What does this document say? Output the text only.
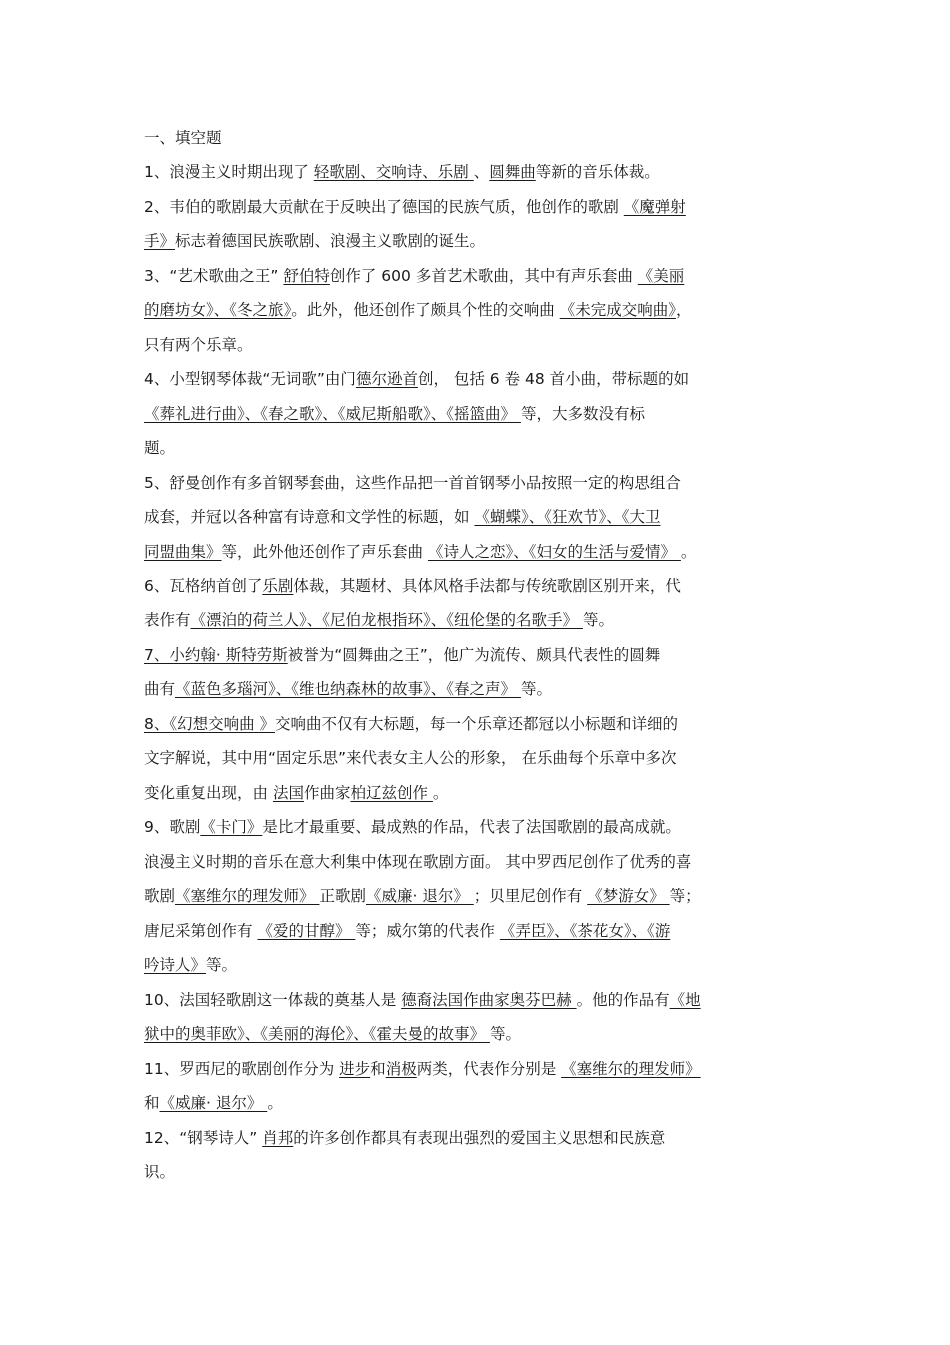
一、填空题
1、浪漫主义时期出现了 轻歌剧、交响诗、乐剧 、圆舞曲等新的音乐体裁。
2、韦伯的歌剧最大贡献在于反映出了德国的民族气质，他创作的歌剧 《魔弹射
手》标志着德国民族歌剧、浪漫主义歌剧的诞生。
3、“艺术歌曲之王” 舒伯特创作了 600 多首艺术歌曲，其中有声乐套曲 《美丽
的磨坊女》、《冬之旅》。此外，他还创作了颇具个性的交响曲 《未完成交响曲》，
只有两个乐章。
4、小型钢琴体裁“无词歌”由门德尔逊首创， 包括 6 卷 48 首小曲，带标题的如
《葬礼进行曲》、《春之歌》、《威尼斯船歌》、《摇篮曲》 等，大多数没有标
题。
5、舒曼创作有多首钢琴套曲，这些作品把一首首钢琴小品按照一定的构思组合
成套，并冠以各种富有诗意和文学性的标题，如 《蝴蝶》、《狂欢节》、《大卫
同盟曲集》等，此外他还创作了声乐套曲 《诗人之恋》、《妇女的生活与爱情》 。
6、瓦格纳首创了乐剧体裁，其题材、具体风格手法都与传统歌剧区别开来，代
表作有《漂泊的荷兰人》、《尼伯龙根指环》、《纽伦堡的名歌手》 等。
7、小约翰· 斯特劳斯被誉为“圆舞曲之王”，他广为流传、颇具代表性的圆舞
曲有《蓝色多瑙河》、《维也纳森林的故事》、《春之声》 等。
8、《幻想交响曲 》交响曲不仅有大标题，每一个乐章还都冠以小标题和详细的
文字解说，其中用“固定乐思”来代表女主人公的形象， 在乐曲每个乐章中多次
变化重复出现，由 法国作曲家柏辽兹创作 。
9、歌剧《卡门》是比才最重要、最成熟的作品，代表了法国歌剧的最高成就。
浪漫主义时期的音乐在意大利集中体现在歌剧方面。 其中罗西尼创作了优秀的喜
歌剧《塞维尔的理发师》 正歌剧《威廉· 退尔》 ；贝里尼创作有 《梦游女》 等；
唐尼采第创作有 《爱的甘醇》 等；威尔第的代表作 《弄臣》、《茶花女》、《游
吟诗人》等。
10、法国轻歌剧这一体裁的奠基人是 德裔法国作曲家奥芬巴赫 。他的作品有《地
狱中的奥菲欧》、《美丽的海伦》、《霍夫曼的故事》 等。
11、罗西尼的歌剧创作分为 进步和消极两类，代表作分别是 《塞维尔的理发师》
和《威廉· 退尔》 。
12、“钢琴诗人” 肖邦的许多创作都具有表现出强烈的爱国主义思想和民族意
识。
